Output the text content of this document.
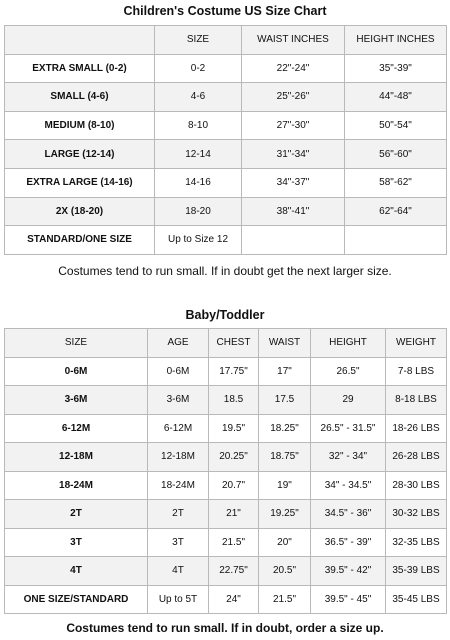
Children's Costume US Size Chart
	SIZE	WAIST INCHES	HEIGHT INCHES
EXTRA SMALL (0-2)	0-2	22"-24"	35"-39"
SMALL (4-6)	4-6	25"-26"	44"-48"
MEDIUM (8-10)	8-10	27"-30"	50"-54"
LARGE (12-14)	12-14	31"-34"	56"-60"
EXTRA LARGE (14-16)	14-16	34"-37"	58"-62"
2X (18-20)	18-20	38"-41"	62"-64"
STANDARD/ONE SIZE	Up to Size 12		
Costumes tend to run small. If in doubt get the next larger size.
Baby/Toddler
SIZE	AGE	CHEST	WAIST	HEIGHT	WEIGHT
0-6M	0-6M	17.75"	17"	26.5"	7-8 LBS
3-6M	3-6M	18.5	17.5	29	8-18 LBS
6-12M	6-12M	19.5"	18.25"	26.5" - 31.5"	18-26 LBS
12-18M	12-18M	20.25"	18.75"	32" - 34"	26-28 LBS
18-24M	18-24M	20.7"	19"	34" - 34.5"	28-30 LBS
2T	2T	21"	19.25"	34.5" - 36"	30-32 LBS
3T	3T	21.5"	20"	36.5" - 39"	32-35 LBS
4T	4T	22.75"	20.5"	39.5" - 42"	35-39 LBS
ONE SIZE/STANDARD	Up to 5T	24"	21.5"	39.5" - 45"	35-45 LBS
Costumes tend to run small. If in doubt, order a size up.
